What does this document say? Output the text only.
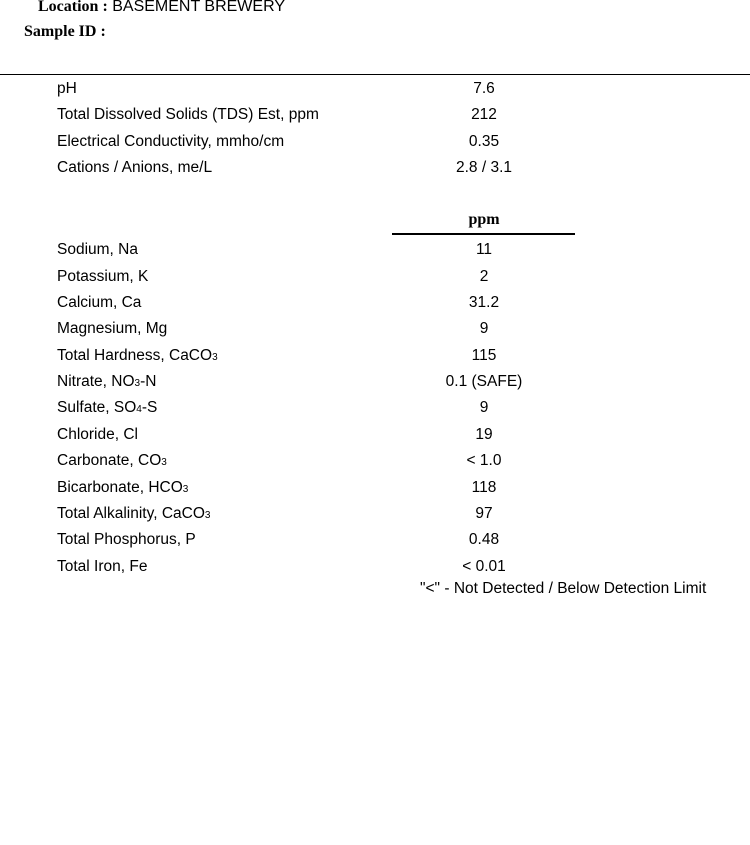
Location : BASEMENT BREWERY
Sample ID :
pH	7.6
Total Dissolved Solids (TDS) Est, ppm	212
Electrical Conductivity, mmho/cm	0.35
Cations / Anions, me/L	2.8 / 3.1
ppm
Sodium, Na	11
Potassium, K	2
Calcium, Ca	31.2
Magnesium, Mg	9
Total Hardness, CaCO3	115
Nitrate, NO3-N	0.1 (SAFE)
Sulfate, SO4-S	9
Chloride, Cl	19
Carbonate, CO3	< 1.0
Bicarbonate, HCO3	118
Total Alkalinity, CaCO3	97
Total Phosphorus, P	0.48
Total Iron, Fe	< 0.01
"<" - Not Detected / Below Detection Limit
